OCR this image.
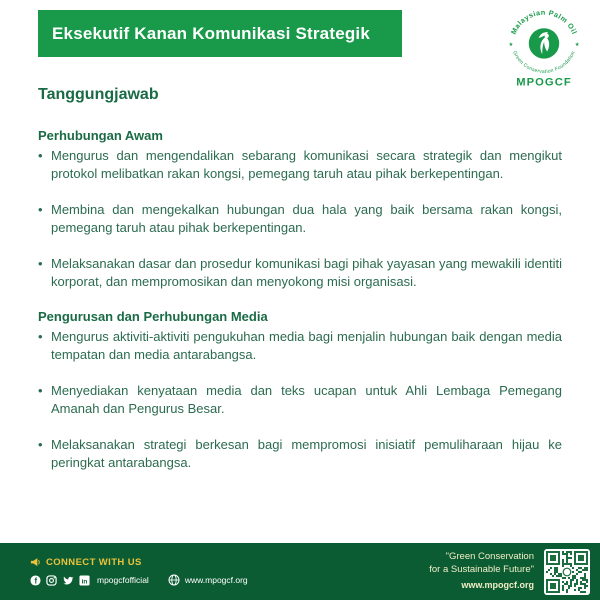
Eksekutif Kanan Komunikasi Strategik	Malaysian Palm Oil
Green Conservation Foundation
★	★
MPOGCF
Tanggungjawab
Perhubungan Awam
• Mengurus dan mengendalikan sebarang komunikasi secara strategik dan mengikut protokol melibatkan rakan kongsi, pemegang taruh atau pihak berkepentingan.
• Membina dan mengekalkan hubungan dua hala yang baik bersama rakan kongsi, pemegang taruh atau pihak berkepentingan.
• Melaksanakan dasar dan prosedur komunikasi bagi pihak yayasan yang mewakili identiti korporat, dan mempromosikan dan menyokong misi organisasi.
Pengurusan dan Perhubungan Media
• Mengurus aktiviti-aktiviti pengukuhan media bagi menjalin hubungan baik dengan media tempatan dan media antarabangsa.
• Menyediakan kenyataan media dan teks ucapan untuk Ahli Lembaga Pemegang Amanah dan Pengurus Besar.
• Melaksanakan strategi berkesan bagi mempromosi inisiatif pemuliharaan hijau ke peringkat antarabangsa.
CONNECT WITH US
f	in mpogcfofficial	www.mpogcf.org
"Green Conservation
for a Sustainable Future"
www.mpogcf.org
